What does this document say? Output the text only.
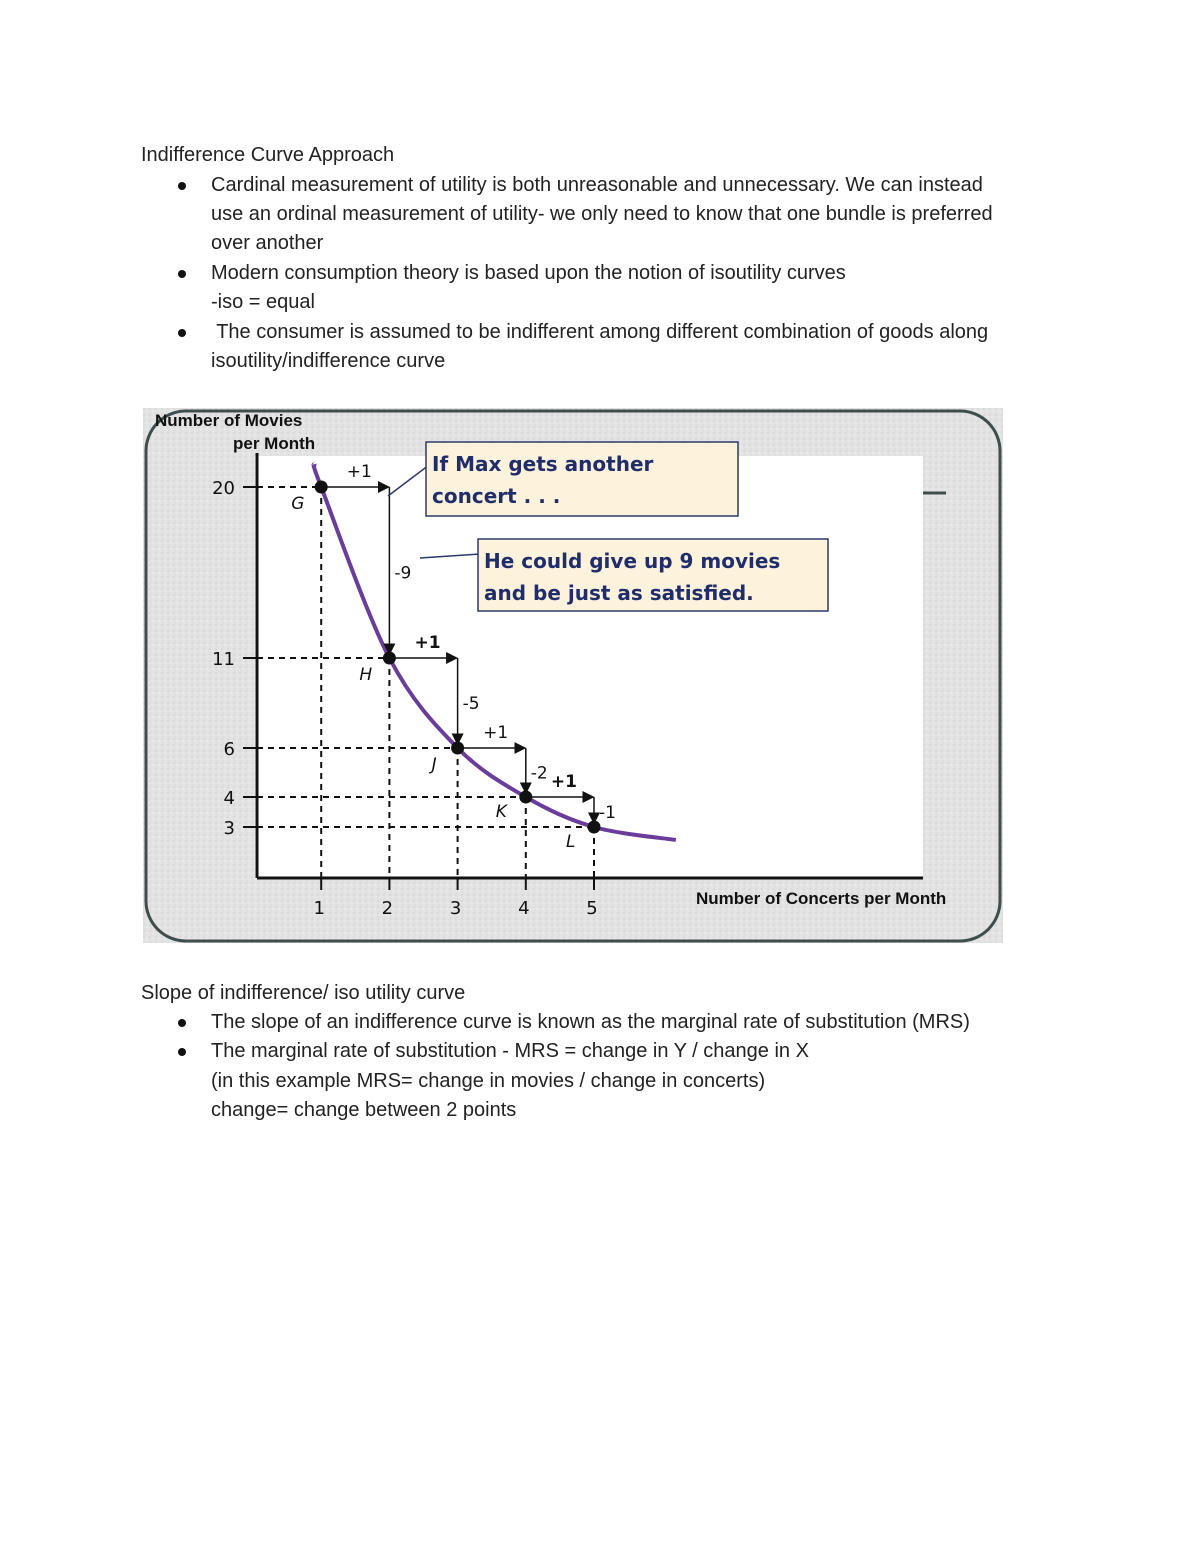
Indifference Curve Approach
Cardinal measurement of utility is both unreasonable and unnecessary. We can instead
use an ordinal measurement of utility- we only need to know that one bundle is preferred
over another
Modern consumption theory is based upon the notion of isoutility curves
-iso = equal
The consumer is assumed to be indifferent among different combination of goods along
isoutility/indifference curve
Number of Movies
per Month
Number of Concerts per Month
20
11
6
4
3
1	2	3	4	5
+1
-9
+1
-5
+1
-2 +1
-1
G
H
J
K
L
If Max gets another
concert . . .
He could give up 9 movies
and be just as satisfied.
Slope of indifference/ iso utility curve
The slope of an indifference curve is known as the marginal rate of substitution (MRS)
The marginal rate of substitution - MRS = change in Y / change in X
(in this example MRS= change in movies / change in concerts)
change= change between 2 points
